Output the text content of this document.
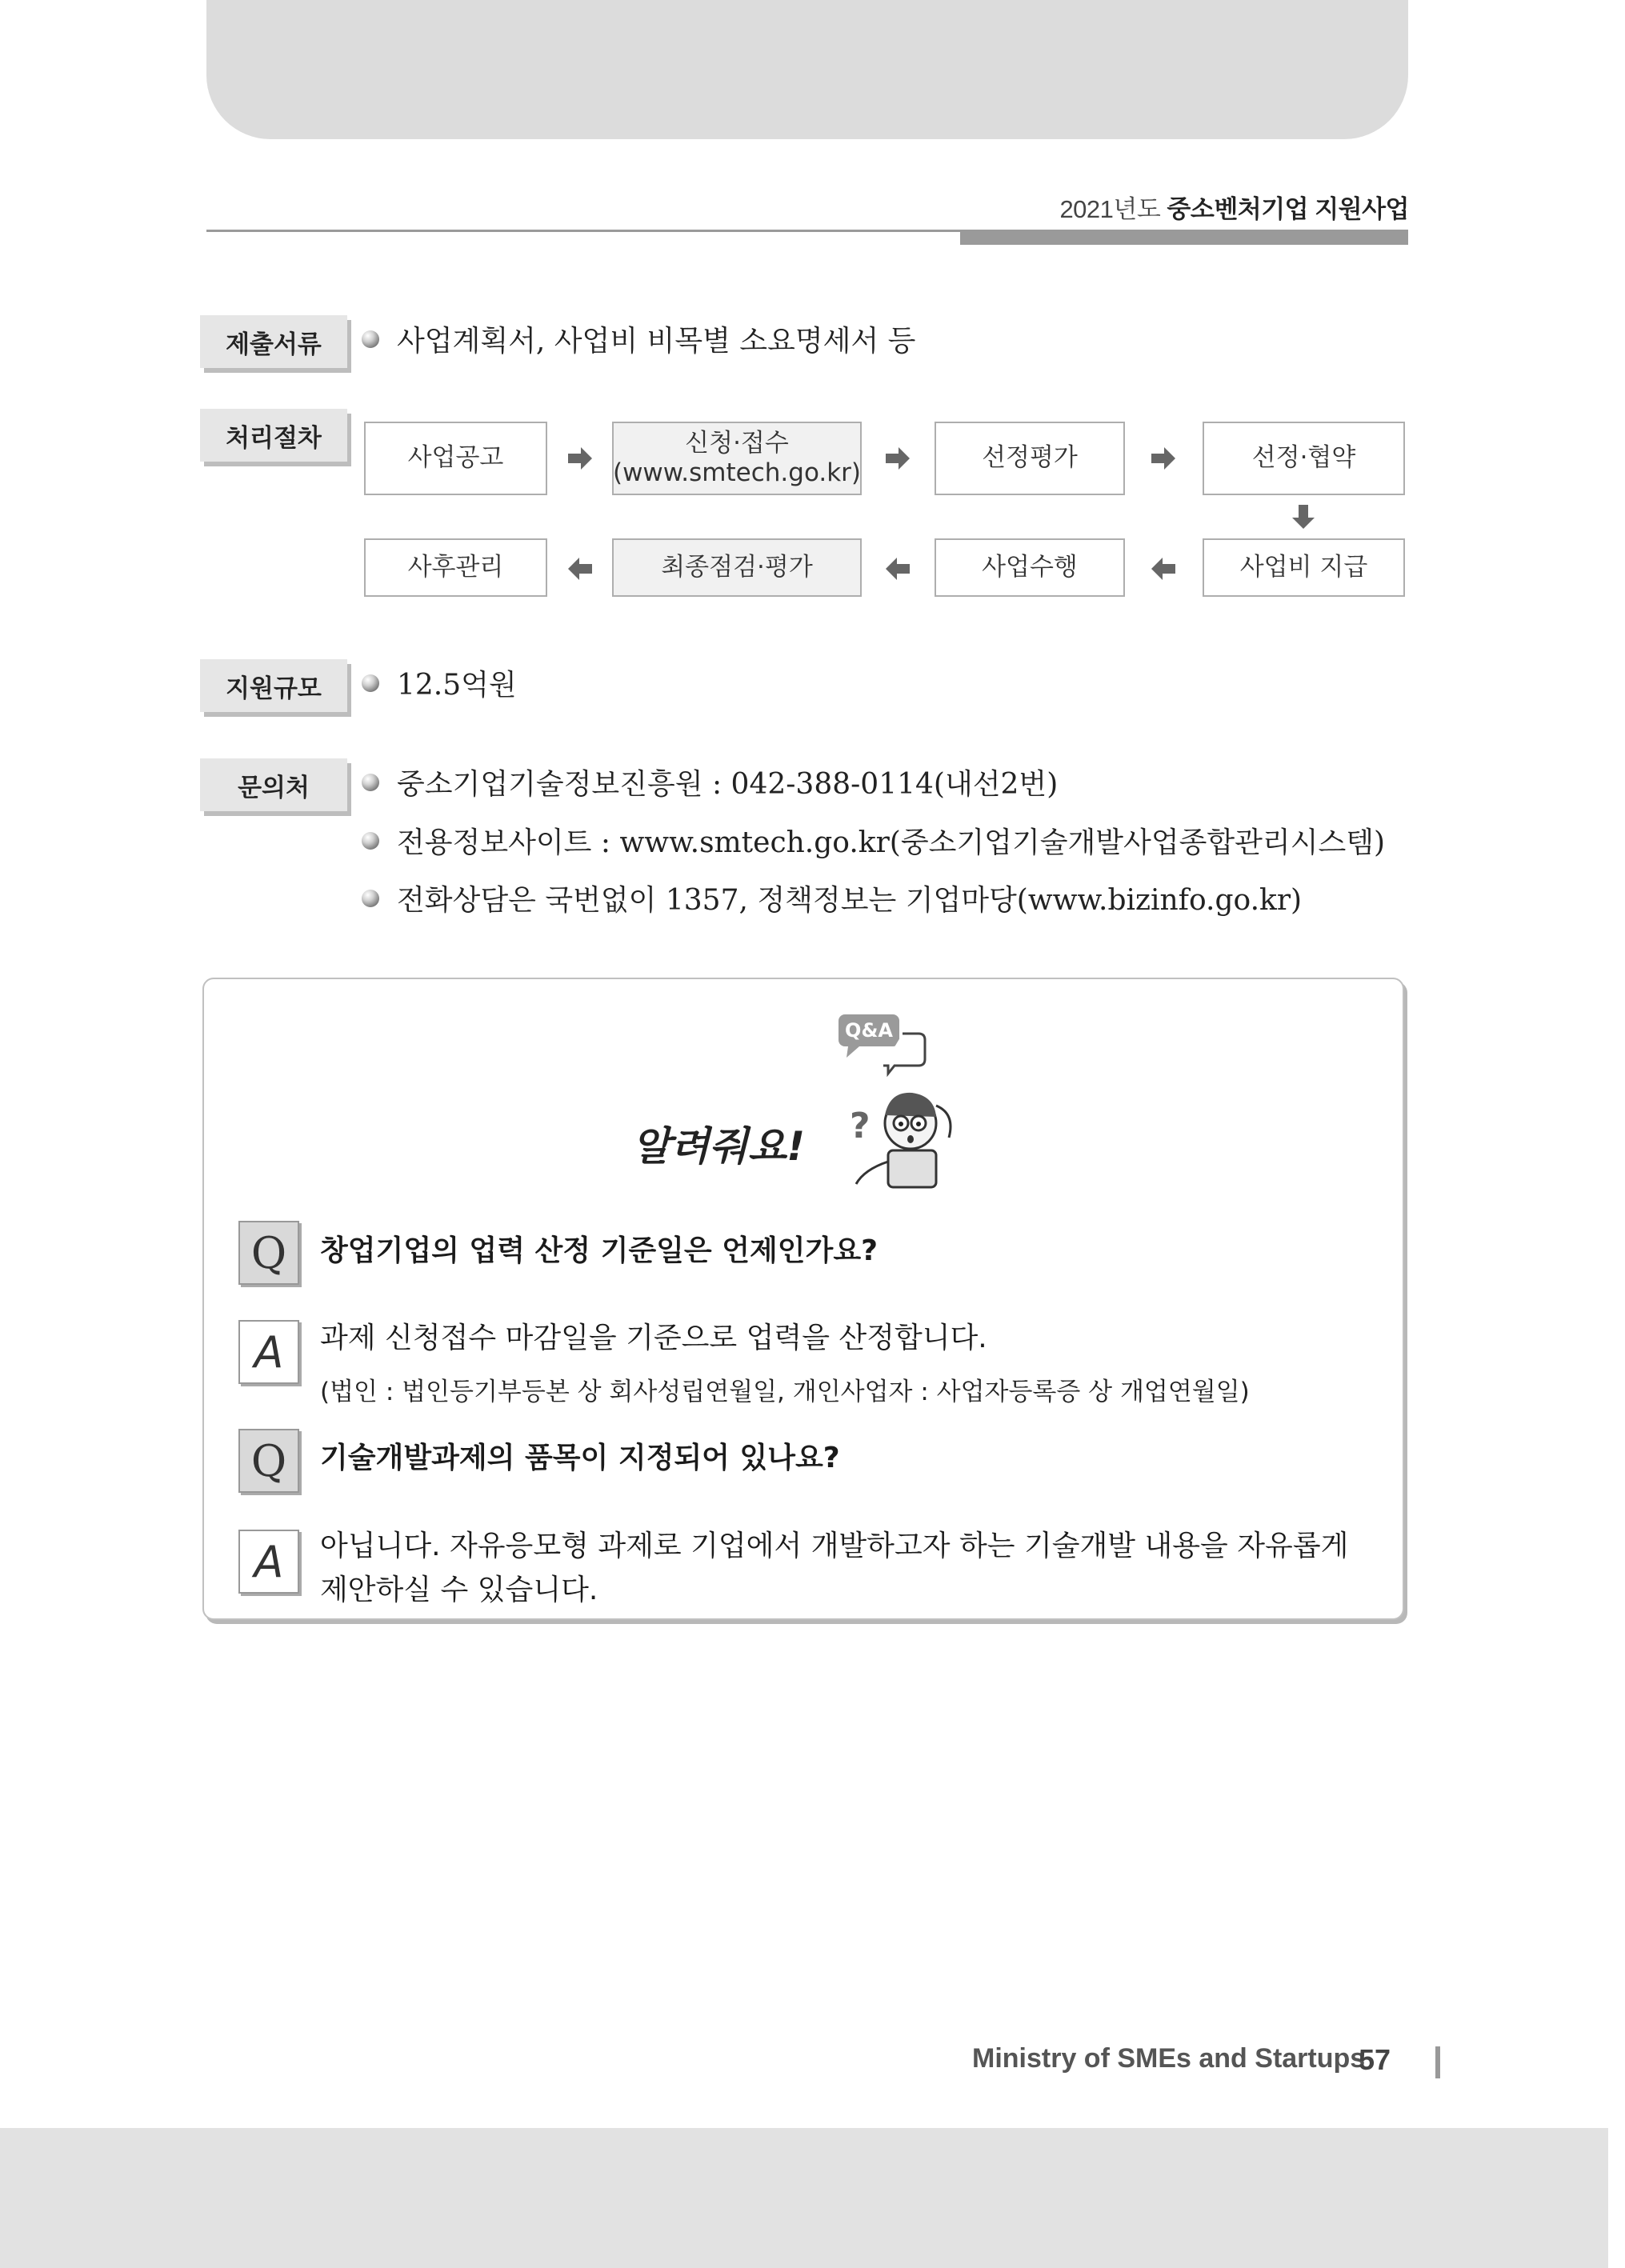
2021년도 중소벤처기업 지원사업
제출서류	사업계획서, 사업비 비목별 소요명세서 등
처리절차
사업공고
신청·접수
(www.smtech.go.kr)
선정평가	선정·협약
사후관리	최종점검·평가	사업수행	사업비 지급
지원규모	12.5억원
문의처	중소기업기술정보진흥원 : 042-388-0114(내선2번)
전용정보사이트 : www.smtech.go.kr(중소기업기술개발사업종합관리시스템)
전화상담은 국번없이 1357, 정책정보는 기업마당(www.bizinfo.go.kr)
Q&A
?
알려줘요!
Q	창업기업의 업력 산정 기준일은 언제인가요?
A	과제 신청접수 마감일을 기준으로 업력을 산정합니다.
(법인 : 법인등기부등본 상 회사성립연월일, 개인사업자 : 사업자등록증 상 개업연월일)
Q	기술개발과제의 품목이 지정되어 있나요?
A	아닙니다. 자유응모형 과제로 기업에서 개발하고자 하는 기술개발 내용을 자유롭게
제안하실 수 있습니다.
Ministry of SMEs and Startups
57
